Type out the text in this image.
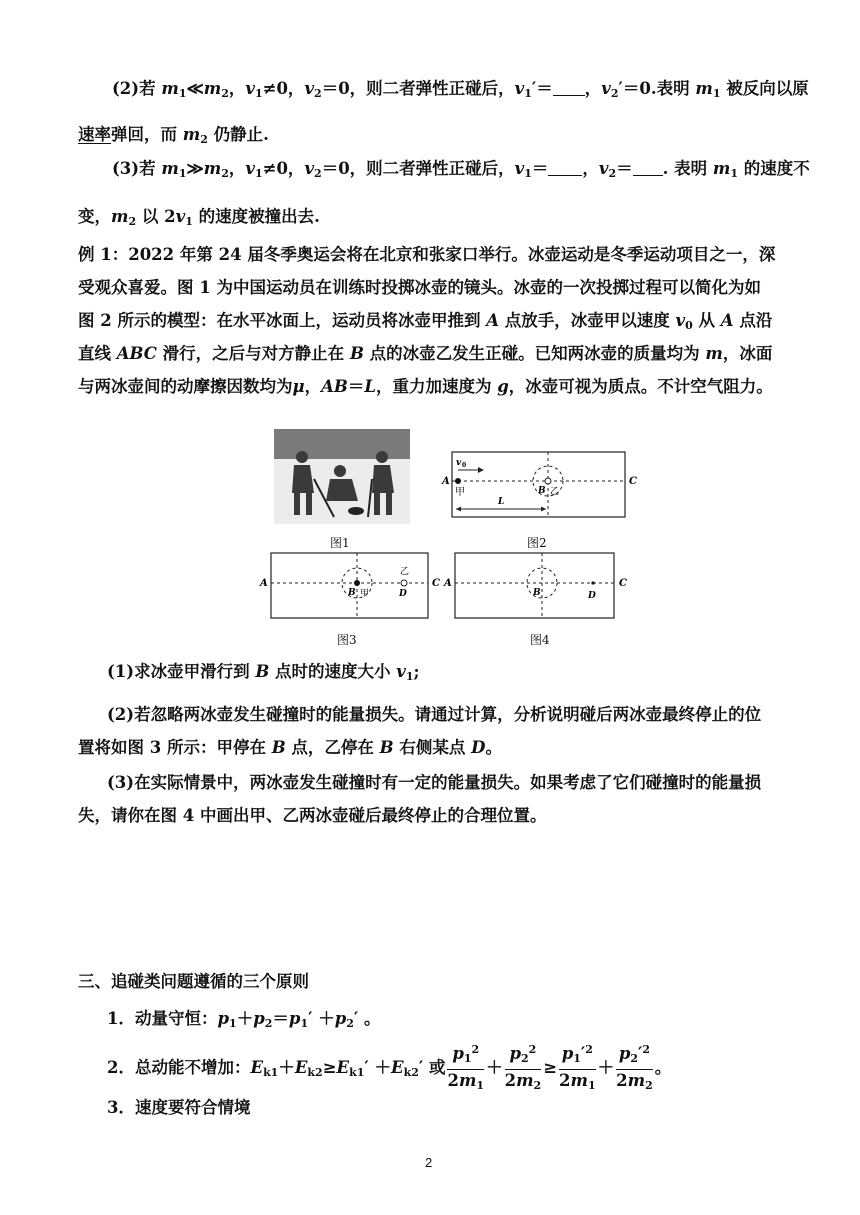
(2)若 $m_1≪m_2$，$v_1\ne 0$，$v_2=0$，则二者弹性正碰后，$v_1'=$ ，$v_2'=0$.表明 $m_1$ 被反向以原
速率弹回，而 $m_2$ 仍静止.
(3)若 $m_1≫m_2$，$v_1\ne 0$，$v_2=0$，则二者弹性正碰后，$v_1=$ ，$v_2=$ . 表明 $m_1$ 的速度不
变，$m_2$ 以 $2v_1$ 的速度被撞出去.
例 1：2022 年第 24 届冬季奥运会将在北京和张家口举行。冰壶运动是冬季运动项目之一，深
受观众喜爱。图 1 为中国运动员在训练时投掷冰壶的镜头。冰壶的一次投掷过程可以简化为如
图 2 所示的模型：在水平冰面上，运动员将冰壶甲推到 A 点放手，冰壶甲以速度 $v_0$ 从 A 点沿
直线 ABC 滑行，之后与对方静止在 B 点的冰壶乙发生正碰。已知两冰壶的质量均为 m，冰面
与两冰壶间的动摩擦因数均为μ，AB＝L，重力加速度为 g，冰壶可视为质点。不计空气阻力。
图1
v 0
A
甲	B 乙
C
L
图2
A
B 甲
乙
D
C
图3
A
B	D
C
图4
(1)求冰壶甲滑行到 B 点时的速度大小 $v_1$;
(2)若忽略两冰壶发生碰撞时的能量损失。请通过计算，分析说明碰后两冰壶最终停止的位
置将如图 3 所示：甲停在 B 点，乙停在 B 右侧某点 D。
(3)在实际情景中，两冰壶发生碰撞时有一定的能量损失。如果考虑了它们碰撞时的能量损
失，请你在图 4 中画出甲、乙两冰壶碰后最终停止的合理位置。
三、追碰类问题遵循的三个原则
1．动量守恒：$p_1+p_2=p_1' +p_2'$ 。
2．总动能不增加：$E_{k1}+E_{k2}\ge E_{k1}' +E_{k2}'$ 或 $\frac{p_1^2}{2m_1} + \frac{p_2^2}{2m_2} \ge \frac{p_1'^2}{2m_1} + \frac{p_2'^2}{2m_2}$ 。
3．速度要符合情境
2
